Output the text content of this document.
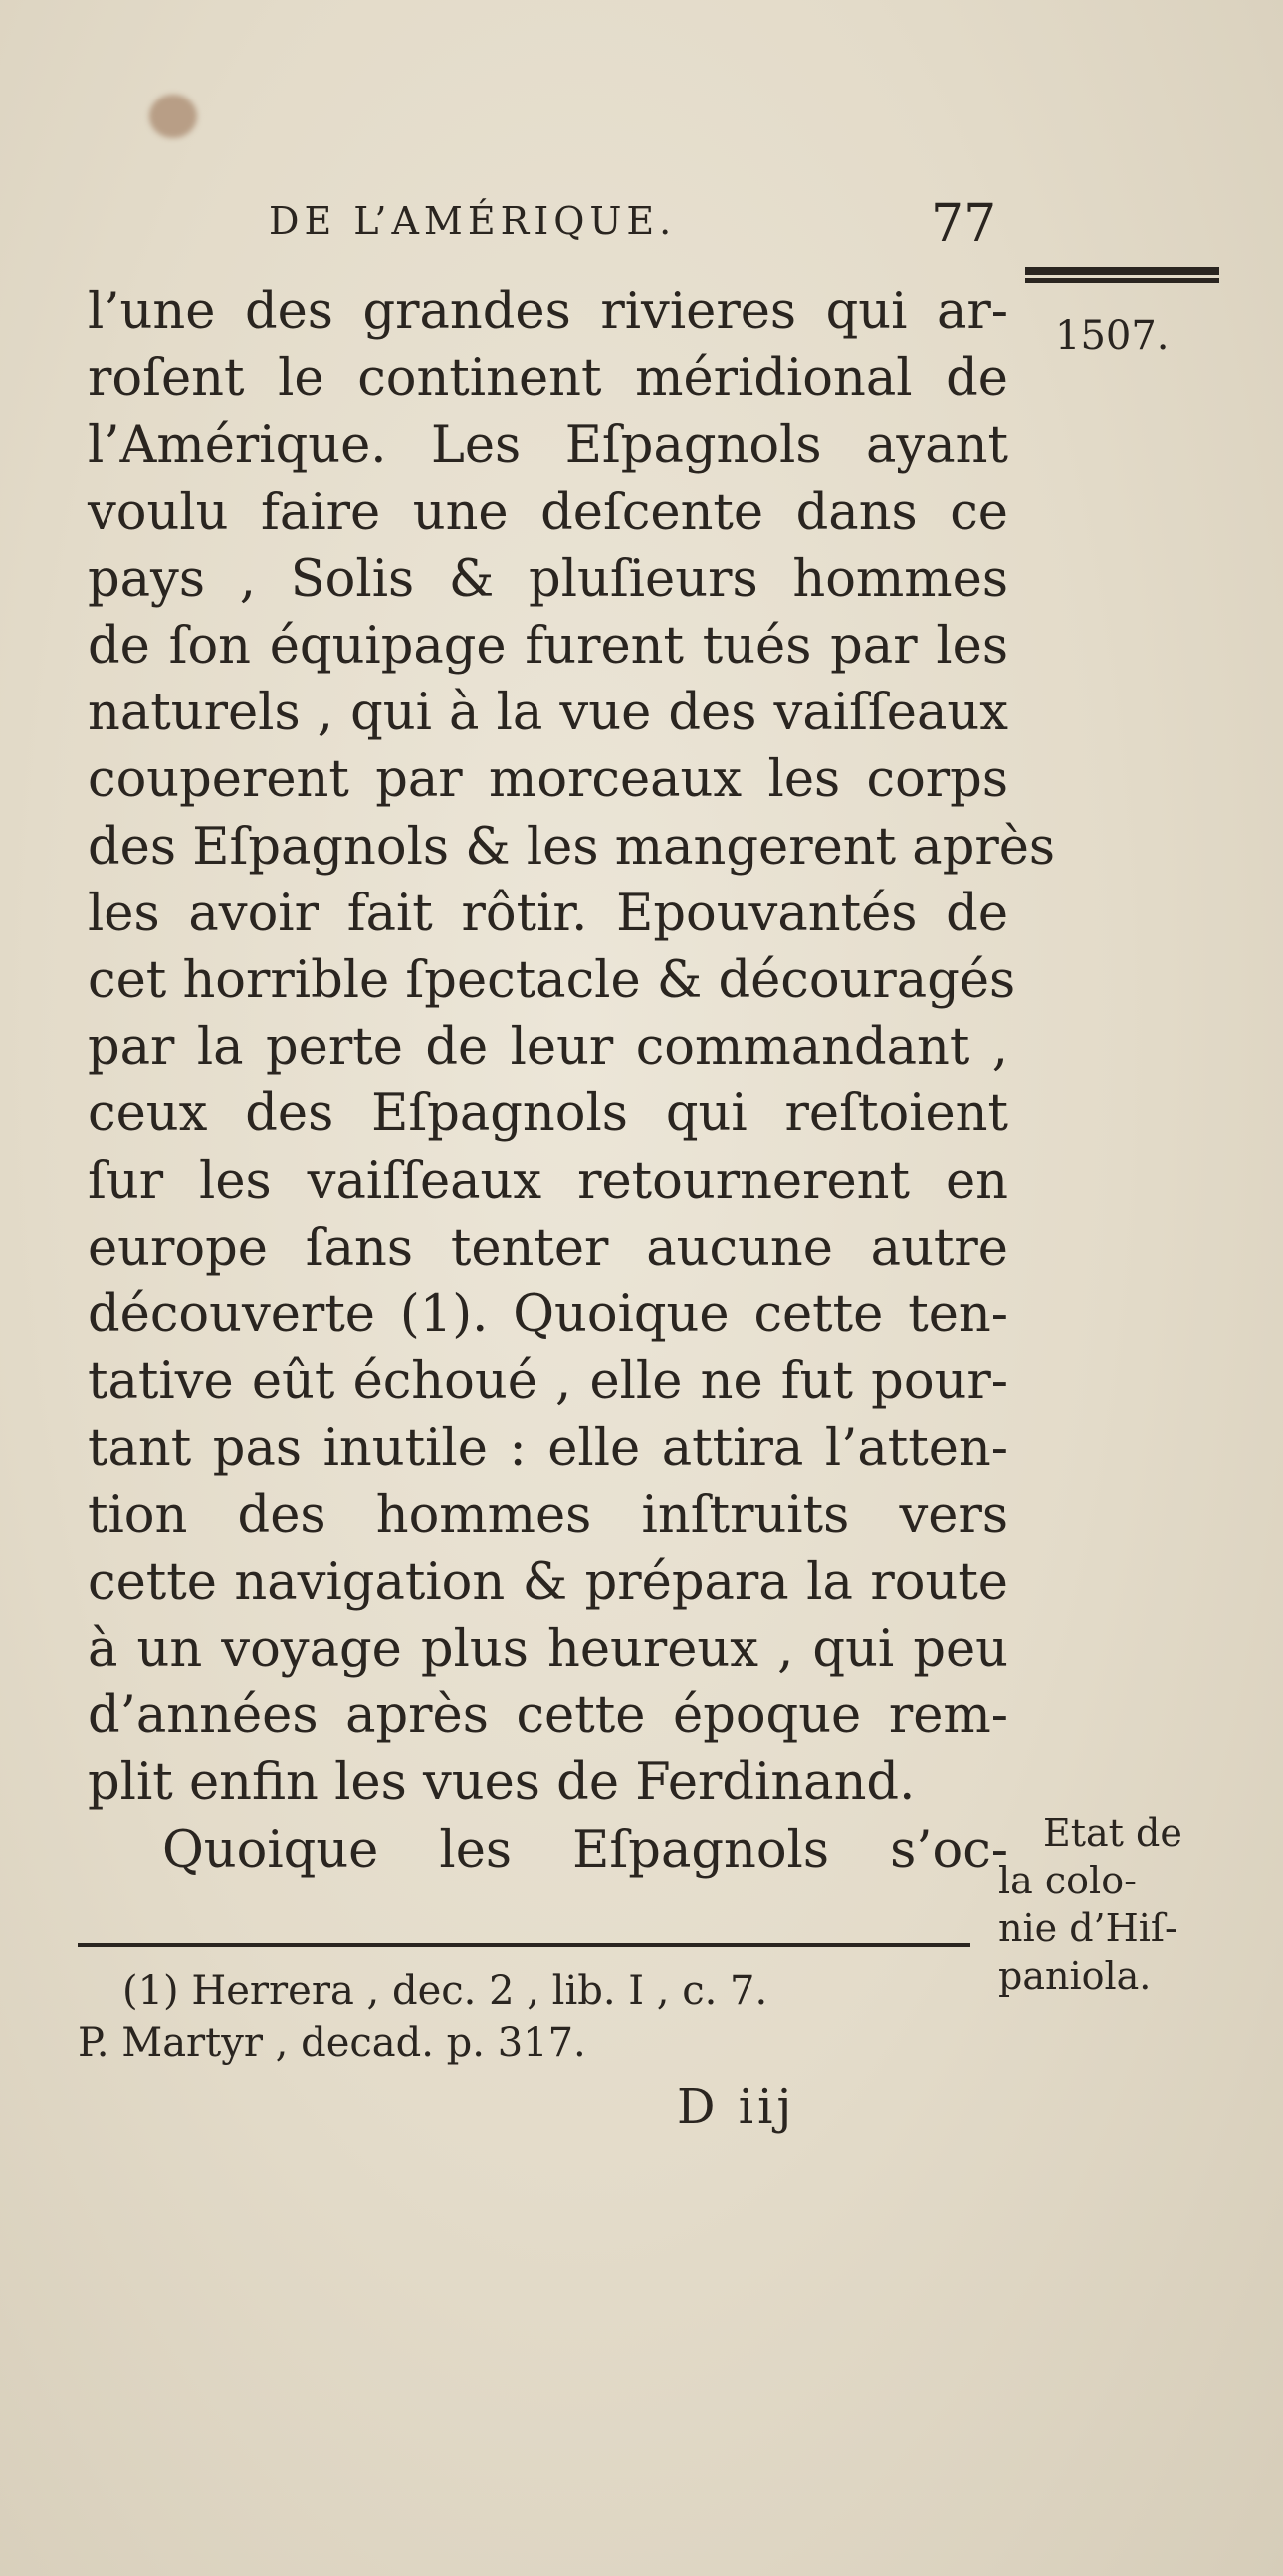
DE L’AMÉRIQUE.	77
1507.

l’une des grandes rivieres qui ar-
roſent le continent méridional de
l’Amérique. Les Eſpagnols ayant
voulu faire une deſcente dans ce
pays , Solis & pluſieurs hommes
de ſon équipage furent tués par les
naturels , qui à la vue des vaiſſeaux
couperent par morceaux les corps
des Eſpagnols & les mangerent après
les avoir fait rôtir. Epouvantés de
cet horrible ſpectacle & découragés
par la perte de leur commandant ,
ceux des Eſpagnols qui reſtoient
ſur les vaiſſeaux retournerent en
europe ſans tenter aucune autre
découverte (1). Quoique cette ten-
tative eût échoué , elle ne fut pour-
tant pas inutile : elle attira l’atten-
tion des hommes inſtruits vers
cette navigation & prépara la route
à un voyage plus heureux , qui peu
d’années après cette époque rem-
plit enfin les vues de Ferdinand.
Quoique les Eſpagnols s’oc- Etat de
la colo-
nie d’Hiſ-
paniola.
(1) Herrera , dec. 2 , lib. I , c. 7.
P. Martyr , decad. p. 317.
D iij
